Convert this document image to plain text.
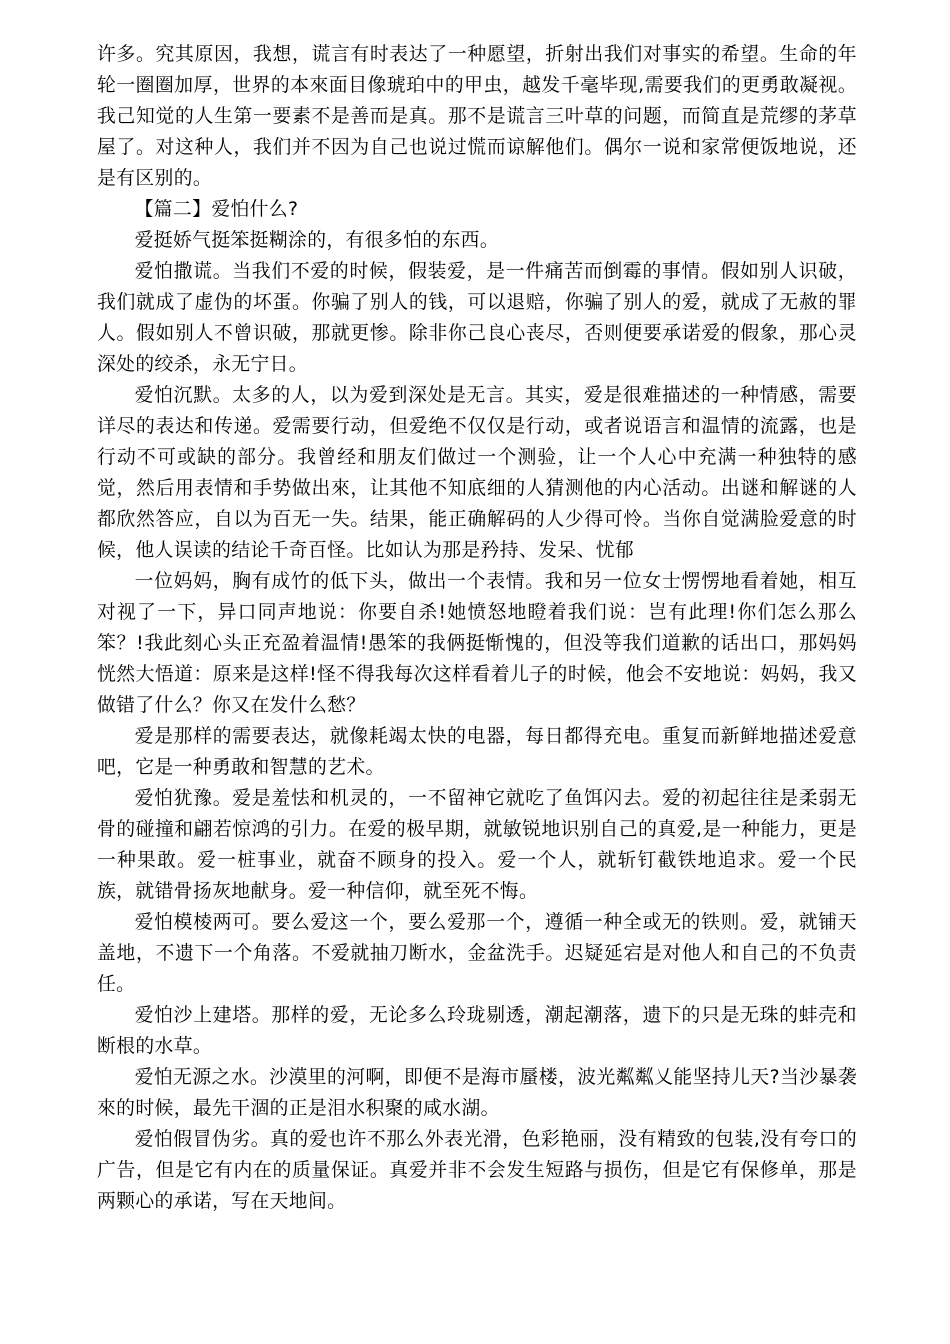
许多。究其原因，我想，谎言有时表达了一种愿望，折射出我们对事实的希望。生命的年轮一圈圈加厚，世界的本來面目像琥珀中的甲虫，越发千毫毕现,需要我们的更勇敢凝视。我己知觉的人生第一要素不是善而是真。那不是谎言三叶草的问题，而简直是荒缪的茅草屋了。对这种人，我们并不因为自己也说过慌而谅解他们。偶尔一说和家常便饭地说，还是有区别的。

【篇二】爱怕什么?

爱挺娇气挺笨挺糊涂的，有很多怕的东西。

爱怕撒谎。当我们不爱的时候，假装爱，是一件痛苦而倒霉的事情。假如别人识破，我们就成了虚伪的坏蛋。你骗了别人的钱，可以退赔，你骗了别人的爱，就成了无赦的罪人。假如别人不曾识破，那就更惨。除非你己良心丧尽，否则便要承诺爱的假象，那心灵深处的绞杀，永无宁日。

爱怕沉默。太多的人，以为爱到深处是无言。其实，爱是很难描述的一种情感，需要详尽的表达和传递。爱需要行动，但爱绝不仅仅是行动，或者说语言和温情的流露，也是行动不可或缺的部分。我曾经和朋友们做过一个测验，让一个人心中充满一种独特的感觉，然后用表情和手势做出來，让其他不知底细的人猜测他的内心活动。出谜和解谜的人都欣然答应，自以为百无一失。结果，能正确解码的人少得可怜。当你自觉满脸爱意的时候，他人误读的结论千奇百怪。比如认为那是矜持、发呆、忧郁

一位妈妈，胸有成竹的低下头，做出一个表情。我和另一位女士愣愣地看着她，相互对视了一下，异口同声地说：你要自杀!她愤怒地瞪着我们说：岂有此理!你们怎么那么笨？!我此刻心头正充盈着温情!愚笨的我俩挺惭愧的，但没等我们道歉的话出口，那妈妈恍然大悟道：原来是这样!怪不得我每次这样看着儿子的时候，他会不安地说：妈妈，我又做错了什么？你又在发什么愁？

爱是那样的需要表达，就像耗竭太快的电器，每日都得充电。重复而新鲜地描述爱意吧，它是一种勇敢和智慧的艺术。

爱怕犹豫。爱是羞怯和机灵的，一不留神它就吃了鱼饵闪去。爱的初起往往是柔弱无骨的碰撞和翩若惊鸿的引力。在爱的极早期，就敏锐地识别自己的真爱,是一种能力，更是一种果敢。爱一桩事业，就奋不顾身的投入。爱一个人，就斩钉截铁地追求。爱一个民族，就错骨扬灰地献身。爱一种信仰，就至死不悔。

爱怕模棱两可。要么爱这一个，要么爱那一个，遵循一种全或无的铁则。爱，就铺天盖地，不遗下一个角落。不爱就抽刀断水，金盆洗手。迟疑延宕是对他人和自己的不负责任。

爱怕沙上建塔。那样的爱，无论多么玲珑剔透，潮起潮落，遗下的只是无珠的蚌壳和断根的水草。

爱怕无源之水。沙漠里的河啊，即便不是海市蜃楼，波光粼粼乂能坚持儿天?当沙暴袭來的时候，最先干涸的正是泪水积聚的咸水湖。

爱怕假冒伪劣。真的爱也许不那么外表光滑，色彩艳丽，没有精致的包装,没有夸口的广告，但是它有内在的质量保证。真爱并非不会发生短路与损伤，但是它有保修单，那是两颗心的承诺，写在天地间。
